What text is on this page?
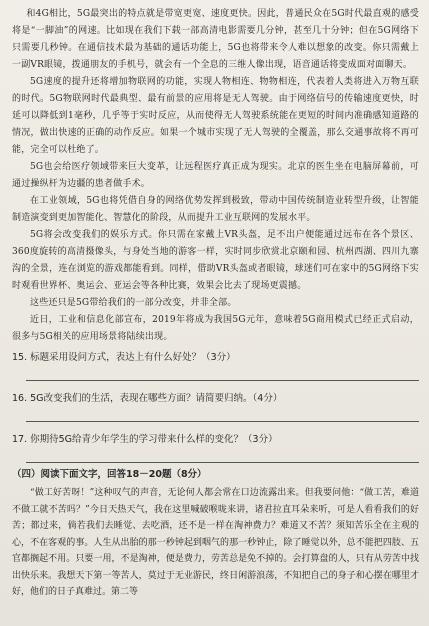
和4G相比，5G最突出的特点就是带宽更宽、速度更快。因此，普通民众在5G时代最直观的感受将是“一脚油”的网速。比如现在我们下载一部高清电影需要几分钟，甚至几十分钟；但在5G网络下只需要几秒钟。在通信技术最为基础的通话功能上，5G也将带来令人难以想象的改变。你只需戴上一副VR眼镜，拨通朋友的手机号，就会有一个全息的三维人像出现，语音通话将变成面对面聊天。

5G速度的提升还将增加物联网的功能，实现人物相连、物物相连，代表着人类将进入万物互联的时代。5G物联网时代最典型、最有前景的应用将是无人驾驶。由于网络信号的传输速度更快，时延可以降低到1毫秒，几乎等于实时反应，从而使得无人驾驶系统能在更短的时间内准确感知道路的情况，做出快速的正确的动作反应。如果一个城市实现了无人驾驶的全覆盖，那么交通事故将不再可能，完全可以杜绝了。

5G也会给医疗领域带来巨大变革，让远程医疗真正成为现实。北京的医生坐在电脑屏幕前，可通过操纵杆为边疆的患者做手术。

在工业领域，5G也将凭借自身的网络优势发挥到极致，带动中国传统制造业转型升级，让智能制造演变到更加智能化、智慧化的阶段，从而提升工业互联网的发展水平。

5G将会改变我们的娱乐方式。你只需在家戴上VR头盔，足不出户便能通过远布在各个景区、360度旋转的高清摄像头，与身处当地的游客一样，实时同步欣赏北京颐和园、杭州西湖、四川九寨沟的全景，连在浏览的游戏都能看到。同样，借助VR头盔或者眼镜，球迷们可在家中的5G网络下实时观看世界杯、奥运会、亚运会等各种比赛，效果会比去了现场更震撼。

这些还只是5G带给我们的一部分改变，并非全部。

近日，工业和信息化部宣布，2019年将成为我国5G元年，意味着5G商用模式已经正式启动，很多与5G相关的应用场景将陆续出现。

15. 标题采用设问方式，表达上有什么好处？（3分）

16. 5G改变我们的生活，表现在哪些方面？请简要归纳。（4分）

17. 你期待5G给青少年学生的学习带来什么样的变化？（3分）

（四）阅读下面文字，回答18－20题（8分）

“做工好苦呀！”这种叹气的声音，无论何人都会常在口边流露出来。但我要问他：“做工苦，难道不做工就不苦吗？”今日天热天气，我在这里喊破喉咙来讲，诸君拉直耳朵来听，可是人看看我们的好苦；都过来，倘若我们去睡觉、去吃酒，还不是一样在淘神费力？难道又不苦？须知苦乐全在主观的心，不在客观的事。人生从出胎的那一秒钟起到咽气的那一秒钟止，除了睡觉以外，总不能把四肢、五官都搁起不用。只要一用，不是淘神，便是费力，劳苦总是免不掉的。会打算盘的人，只有从劳苦中找出快乐来。我想天下第一等苦人，莫过于无业游民，终日闲游浪荡，不知把自己的身子和心摆在哪里才好，他们的日子真难过。第二等
